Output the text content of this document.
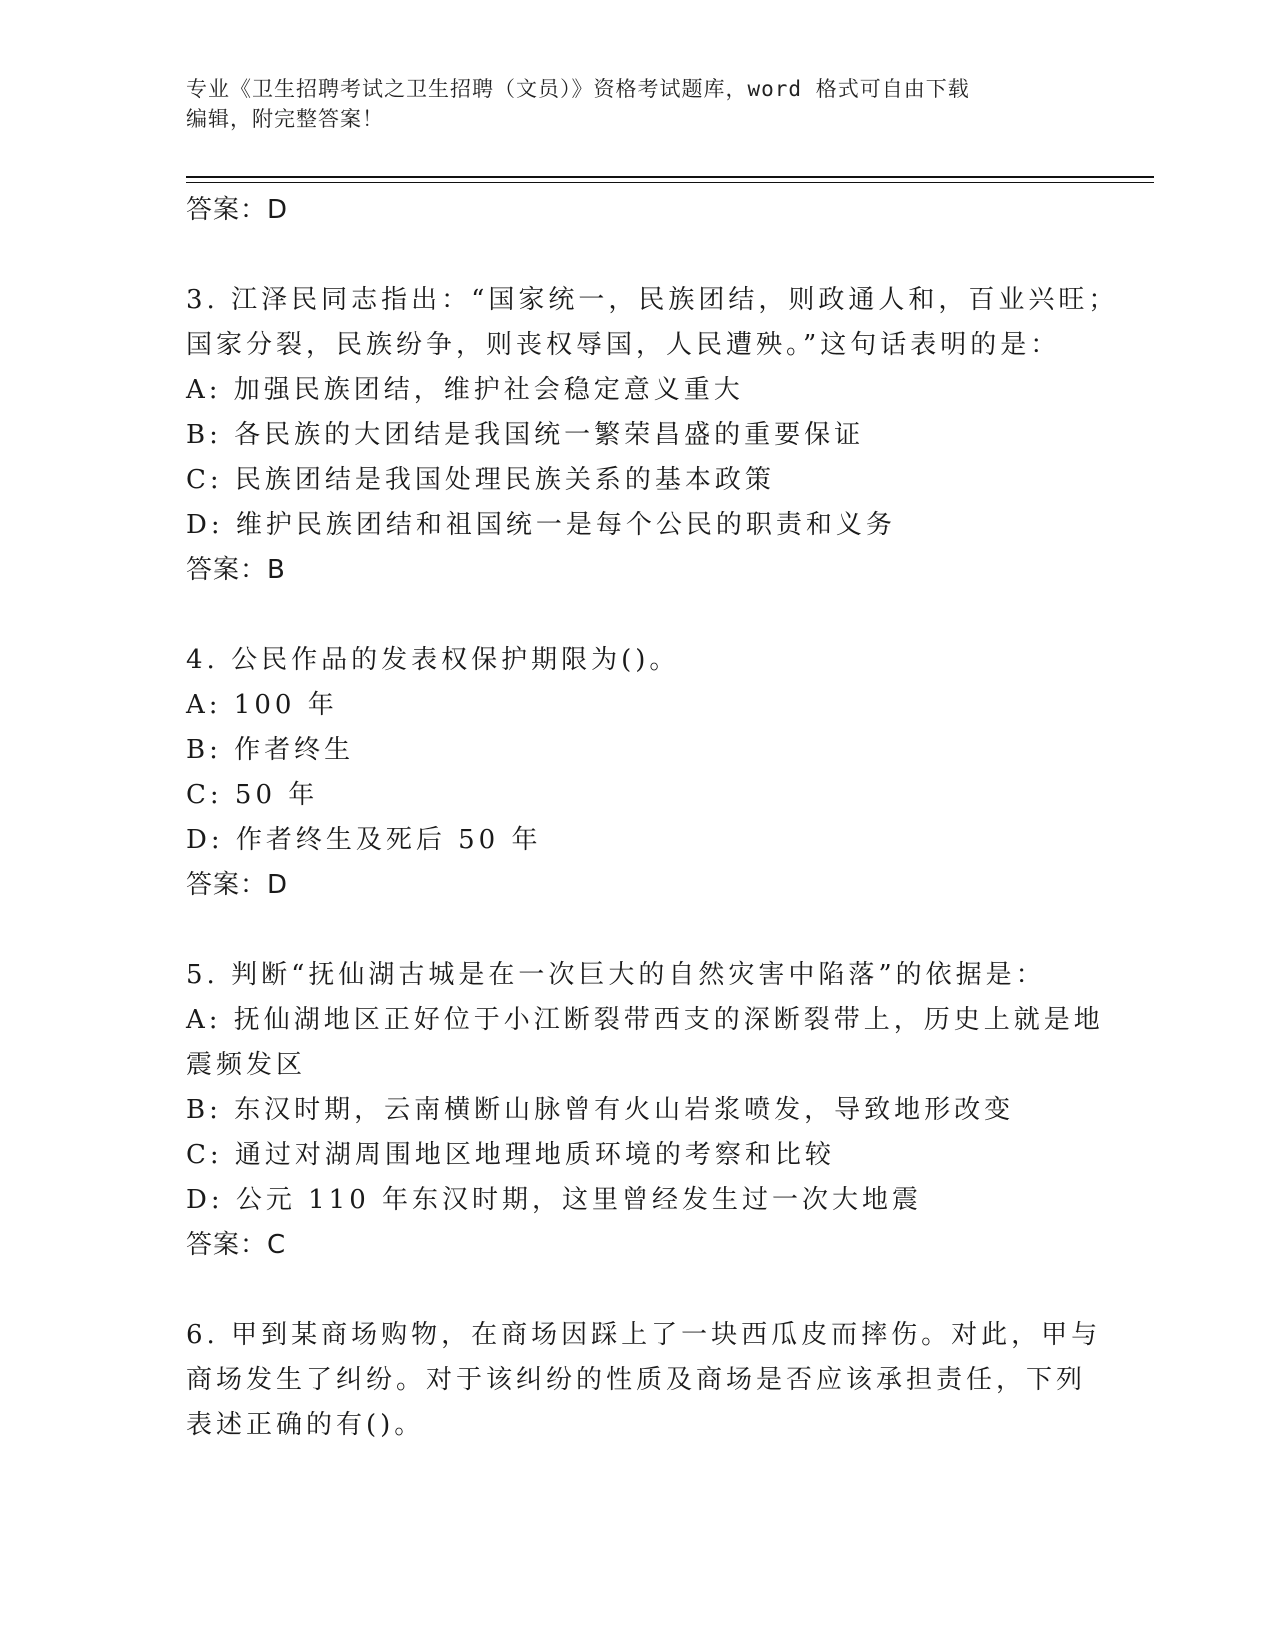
专业《卫生招聘考试之卫生招聘（文员）》资格考试题库，word 格式可自由下载
编辑，附完整答案！
答案：D
3. 江泽民同志指出：“国家统一，民族团结，则政通人和，百业兴旺；
国家分裂，民族纷争，则丧权辱国，人民遭殃。”这句话表明的是：
A: 加强民族团结，维护社会稳定意义重大
B: 各民族的大团结是我国统一繁荣昌盛的重要保证
C: 民族团结是我国处理民族关系的基本政策
D: 维护民族团结和祖国统一是每个公民的职责和义务
答案：B
4. 公民作品的发表权保护期限为()。
A: 100 年
B: 作者终生
C: 50 年
D: 作者终生及死后 50 年
答案：D
5. 判断“抚仙湖古城是在一次巨大的自然灾害中陷落”的依据是：
A: 抚仙湖地区正好位于小江断裂带西支的深断裂带上，历史上就是地
震频发区
B: 东汉时期，云南横断山脉曾有火山岩浆喷发，导致地形改变
C: 通过对湖周围地区地理地质环境的考察和比较
D: 公元 110 年东汉时期，这里曾经发生过一次大地震
答案：C
6. 甲到某商场购物，在商场因踩上了一块西瓜皮而摔伤。对此，甲与
商场发生了纠纷。对于该纠纷的性质及商场是否应该承担责任，下列
表述正确的有()。
